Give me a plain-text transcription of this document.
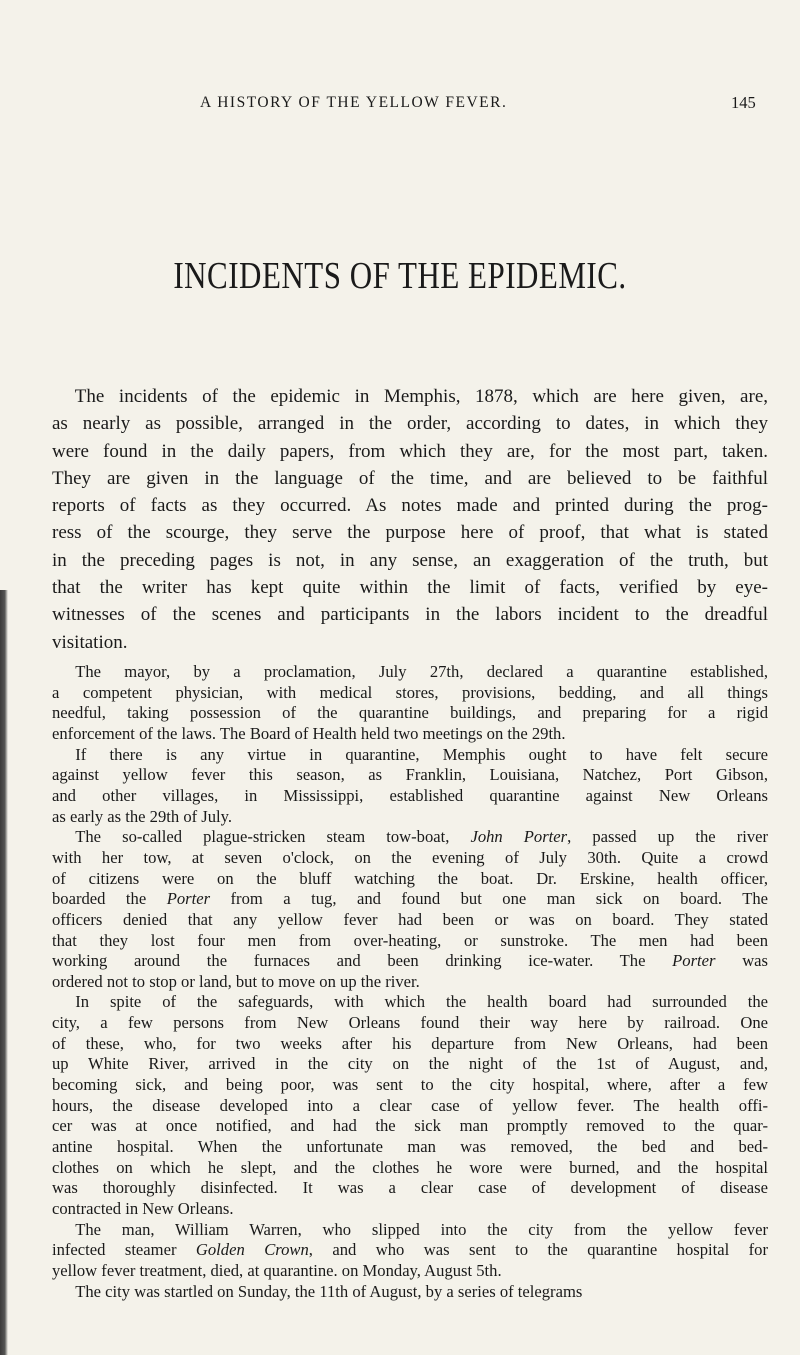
A HISTORY OF THE YELLOW FEVER.	145
INCIDENTS OF THE EPIDEMIC.

The incidents of the epidemic in Memphis, 1878, which are here given, are,

as nearly as possible, arranged in the order, according to dates, in which they

were found in the daily papers, from which they are, for the most part, taken.

They are given in the language of the time, and are believed to be faithful

reports of facts as they occurred. As notes made and printed during the prog-

ress of the scourge, they serve the purpose here of proof, that what is stated

in the preceding pages is not, in any sense, an exaggeration of the truth, but

that the writer has kept quite within the limit of facts, verified by eye-

witnesses of the scenes and participants in the labors incident to the dreadful

visitation.

The mayor, by a proclamation, July 27th, declared a quarantine established,

a competent physician, with medical stores, provisions, bedding, and all things

needful, taking possession of the quarantine buildings, and preparing for a rigid

enforcement of the laws. The Board of Health held two meetings on the 29th.

If there is any virtue in quarantine, Memphis ought to have felt secure

against yellow fever this season, as Franklin, Louisiana, Natchez, Port Gibson,

and other villages, in Mississippi, established quarantine against New Orleans

as early as the 29th of July.

The so-called plague-stricken steam tow-boat, John Porter, passed up the river

with her tow, at seven o'clock, on the evening of July 30th. Quite a crowd

of citizens were on the bluff watching the boat. Dr. Erskine, health officer,

boarded the Porter from a tug, and found but one man sick on board. The

officers denied that any yellow fever had been or was on board. They stated

that they lost four men from over-heating, or sunstroke. The men had been

working around the furnaces and been drinking ice-water. The Porter was

ordered not to stop or land, but to move on up the river.

In spite of the safeguards, with which the health board had surrounded the

city, a few persons from New Orleans found their way here by railroad. One

of these, who, for two weeks after his departure from New Orleans, had been

up White River, arrived in the city on the night of the 1st of August, and,

becoming sick, and being poor, was sent to the city hospital, where, after a few

hours, the disease developed into a clear case of yellow fever. The health offi-

cer was at once notified, and had the sick man promptly removed to the quar-

antine hospital. When the unfortunate man was removed, the bed and bed-

clothes on which he slept, and the clothes he wore were burned, and the hospital

was thoroughly disinfected. It was a clear case of development of disease

contracted in New Orleans.

The man, William Warren, who slipped into the city from the yellow fever

infected steamer Golden Crown, and who was sent to the quarantine hospital for

yellow fever treatment, died, at quarantine. on Monday, August 5th.

The city was startled on Sunday, the 11th of August, by a series of telegrams
